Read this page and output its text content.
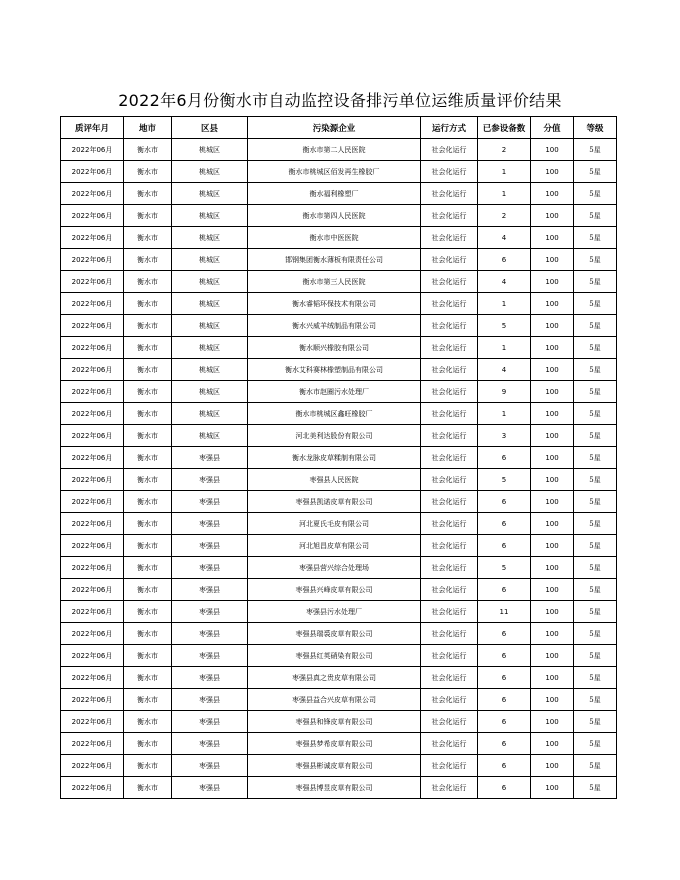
2022年6月份衡水市自动监控设备排污单位运维质量评价结果
质评年月	地市	区县	污染源企业	运行方式	已参设备数	分值	等级
2022年06月	衡水市	桃城区	衡水市第二人民医院	社会化运行	2	100	5星
2022年06月	衡水市	桃城区	衡水市桃城区佰发再生橡胶厂	社会化运行	1	100	5星
2022年06月	衡水市	桃城区	衡水福利橡塑厂	社会化运行	1	100	5星
2022年06月	衡水市	桃城区	衡水市第四人民医院	社会化运行	2	100	5星
2022年06月	衡水市	桃城区	衡水市中医医院	社会化运行	4	100	5星
2022年06月	衡水市	桃城区	邯钢集团衡水薄板有限责任公司	社会化运行	6	100	5星
2022年06月	衡水市	桃城区	衡水市第三人民医院	社会化运行	4	100	5星
2022年06月	衡水市	桃城区	衡水睿韬环保技术有限公司	社会化运行	1	100	5星
2022年06月	衡水市	桃城区	衡水兴威羊绒制品有限公司	社会化运行	5	100	5星
2022年06月	衡水市	桃城区	衡水顺兴橡胶有限公司	社会化运行	1	100	5星
2022年06月	衡水市	桃城区	衡水艾科赛林橡塑制品有限公司	社会化运行	4	100	5星
2022年06月	衡水市	桃城区	衡水市赵圈污水处理厂	社会化运行	9	100	5星
2022年06月	衡水市	桃城区	衡水市桃城区鑫旺橡胶厂	社会化运行	1	100	5星
2022年06月	衡水市	桃城区	河北美利达股份有限公司	社会化运行	3	100	5星
2022年06月	衡水市	枣强县	衡水龙脉皮草糅制有限公司	社会化运行	6	100	5星
2022年06月	衡水市	枣强县	枣强县人民医院	社会化运行	5	100	5星
2022年06月	衡水市	枣强县	枣强县凯诺皮草有限公司	社会化运行	6	100	5星
2022年06月	衡水市	枣强县	河北夏氏毛皮有限公司	社会化运行	6	100	5星
2022年06月	衡水市	枣强县	河北旭昌皮草有限公司	社会化运行	6	100	5星
2022年06月	衡水市	枣强县	枣强县营兴综合处理场	社会化运行	5	100	5星
2022年06月	衡水市	枣强县	枣强县兴峰皮草有限公司	社会化运行	6	100	5星
2022年06月	衡水市	枣强县	枣强县污水处理厂	社会化运行	11	100	5星
2022年06月	衡水市	枣强县	枣强县瑞裘皮草有限公司	社会化运行	6	100	5星
2022年06月	衡水市	枣强县	枣强县红英硝染有限公司	社会化运行	6	100	5星
2022年06月	衡水市	枣强县	枣强县真之贵皮草有限公司	社会化运行	6	100	5星
2022年06月	衡水市	枣强县	枣强县益合兴皮草有限公司	社会化运行	6	100	5星
2022年06月	衡水市	枣强县	枣强县和锋皮草有限公司	社会化运行	6	100	5星
2022年06月	衡水市	枣强县	枣强县梦希皮草有限公司	社会化运行	6	100	5星
2022年06月	衡水市	枣强县	枣强县彬诚皮草有限公司	社会化运行	6	100	5星
2022年06月	衡水市	枣强县	枣强县博昱皮草有限公司	社会化运行	6	100	5星
